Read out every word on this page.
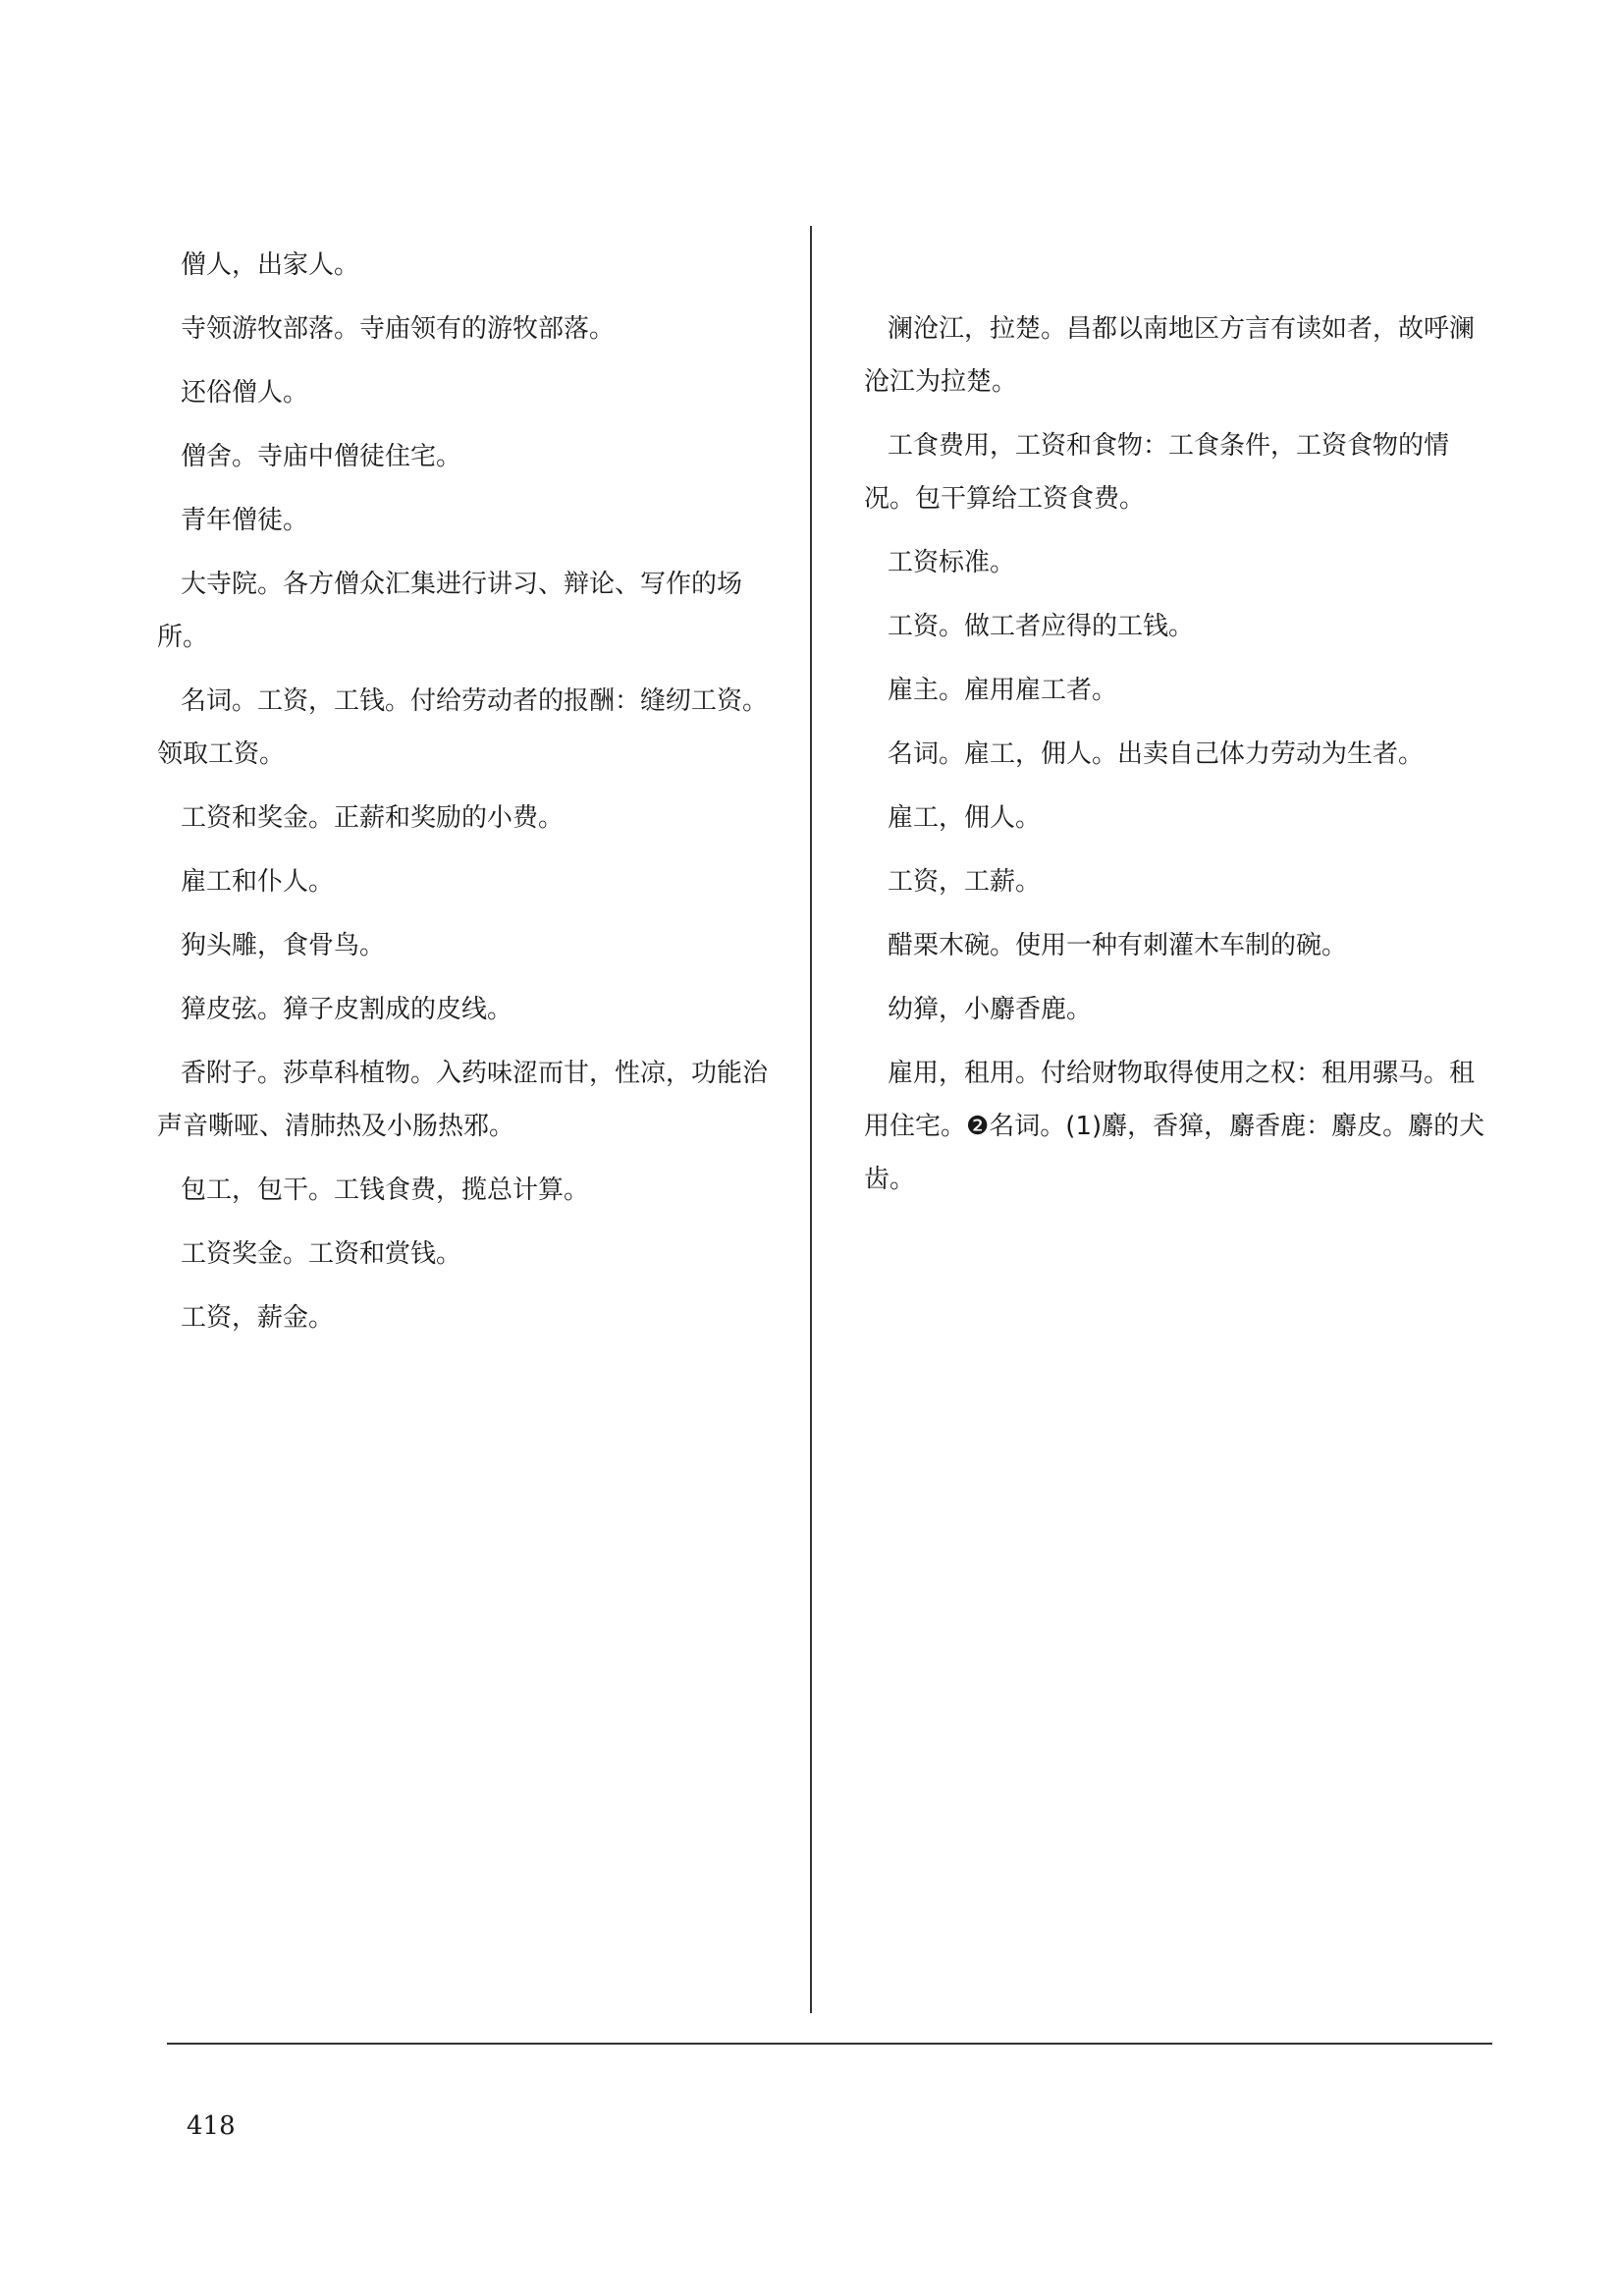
僧人，出家人。
寺领游牧部落。寺庙领有的游牧部落。
还俗僧人。
僧舍。寺庙中僧徒住宅。
青年僧徒。
大寺院。各方僧众汇集进行讲习、辩论、写作的场所。
名词。工资，工钱。付给劳动者的报酬：缝纫工资。领取工资。
工资和奖金。正薪和奖励的小费。
雇工和仆人。
狗头雕，食骨鸟。
獐皮弦。獐子皮割成的皮线。
香附子。莎草科植物。入药味涩而甘，性凉，功能治声音嘶哑、清肺热及小肠热邪。
包工，包干。工钱食费，揽总计算。
工资奖金。工资和赏钱。
工资，薪金。
澜沧江，拉楚。昌都以南地区方言有读如者，故呼澜沧江为拉楚。
工食费用，工资和食物：工食条件，工资食物的情况。包干算给工资食费。
工资标准。
工资。做工者应得的工钱。
雇主。雇用雇工者。
名词。雇工，佣人。出卖自己体力劳动为生者。
雇工，佣人。
工资，工薪。
醋栗木碗。使用一种有刺灌木车制的碗。
幼獐，小麝香鹿。
雇用，租用。付给财物取得使用之权：租用骡马。租用住宅。❷名词。(1)麝，香獐，麝香鹿：麝皮。麝的犬齿。
418
